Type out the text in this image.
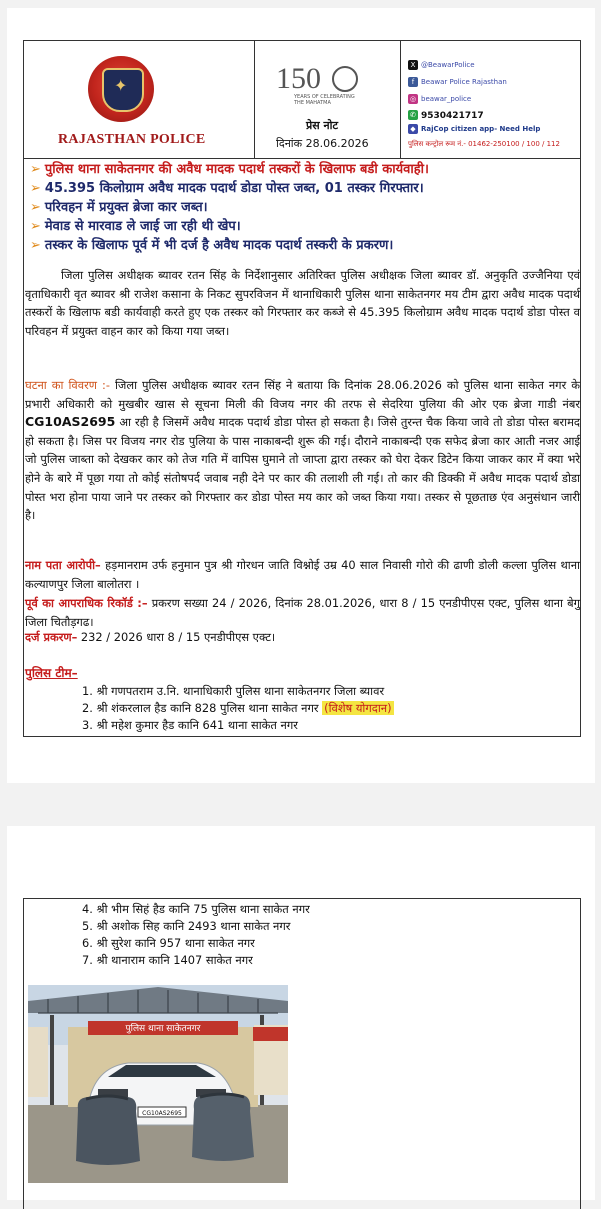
✦
RAJASTHAN POLICE
150
YEARS OF CELEBRATING THE MAHATMA
प्रेस नोट
दिनांक 28.06.2026
X @BeawarPolice
f Beawar Police Rajasthan
◎ beawar_police
✆ 9530421717
◆ RajCop citizen app- Need Help
पुलिस कन्ट्रोल रूम नं.- 01462-250100 / 100 / 112
➢ पुलिस थाना साकेतनगर की अवैध मादक पदार्थ तस्करों के खिलाफ बडी कार्यवाही।
➢ 45.395 किलोग्राम अवैध मादक पदार्थ डोडा पोस्त जब्त, 01 तस्कर गिरफ्तार।
➢ परिवहन में प्रयुक्त ब्रेजा कार जब्त।
➢ मेवाड से मारवाड ले जाई जा रही थी खेप।
➢ तस्कर के खिलाफ पूर्व में भी दर्ज है अवैध मादक पदार्थ तस्करी के प्रकरण।
जिला पुलिस अधीक्षक ब्यावर रतन सिंह के निर्देशानुसार अतिरिक्त पुलिस अधीक्षक जिला ब्यावर डॉ. अनुकृति उज्जैनिया एवं वृताधिकारी वृत ब्यावर श्री राजेश कसाना के निकट सुपरविजन में थानाधिकारी पुलिस थाना साकेतनगर मय टीम द्वारा अवैध मादक पदार्थ तस्करों के खिलाफ बडी कार्यवाही करते हुए एक तस्कर को गिरफ्तार कर कब्जे से 45.395 किलोग्राम अवैध मादक पदार्थ डोडा पोस्त व परिवहन में प्रयुक्त वाहन कार को किया गया जब्त।
घटना का विवरण :- जिला पुलिस अधीक्षक ब्यावर रतन सिंह ने बताया कि दिनांक 28.06.2026 को पुलिस थाना साकेत नगर के प्रभारी अधिकारी को मुखबीर खास से सूचना मिली की विजय नगर की तरफ से सेदरिया पुलिया की ओर एक ब्रेजा गाडी नंबर CG10AS2695 आ रही है जिसमें अवैध मादक पदार्थ डोडा पोस्त हो सकता है। जिसे तुरन्त चैक किया जावे तो डोडा पोस्त बरामद हो सकता है। जिस पर विजय नगर रोड पुलिया के पास नाकाबन्दी शुरू की गई। दौराने नाकाबन्दी एक सफेद ब्रेजा कार आती नजर आई जो पुलिस जाब्ता को देखकर कार को तेज गति में वापिस घुमाने तो जाप्ता द्वारा तस्कर को घेरा देकर डिटेन किया जाकर कार में क्या भरे होने के बारे में पूछा गया तो कोई संतोषपर्द जवाब नही देने पर कार की तलाशी ली गई। तो कार की डिक्की में अवैध मादक पदार्थ डोडा पोस्त भरा होना पाया जाने पर तस्कर को गिरफ्तार कर डोडा पोस्त मय कार को जब्त किया गया। तस्कर से पूछताछ एंव अनुसंधान जारी है।
नाम पता आरोपी– हड़मानराम उर्फ हनुमान पुत्र श्री गोरधन जाति विश्नोई उम्र 40 साल निवासी गोरो की ढाणी डोली कल्ला पुलिस थाना कल्याणपुर जिला बालोतरा ।
पूर्व का आपराधिक रिकॉर्ड :– प्रकरण सख्या 24 / 2026, दिनांक 28.01.2026, धारा 8 / 15 एनडीपीएस एक्ट, पुलिस थाना बेगु जिला चितौड़गढ।
दर्ज प्रकरण– 232 / 2026 धारा 8 / 15 एनडीपीएस एक्ट।
पुलिस टीम–
1. श्री गणपतराम उ.नि. थानाधिकारी पुलिस थाना साकेतनगर जिला ब्यावर
2. श्री शंकरलाल हैड कानि 828 पुलिस थाना साकेत नगर (विशेष योगदान)
3. श्री महेश कुमार हैड कानि 641 थाना साकेत नगर
4. श्री भीम सिहं हैड कानि 75 पुलिस थाना साकेत नगर
5. श्री अशोक सिह कानि 2493 थाना साकेत नगर
6. श्री सुरेश कानि 957 थाना साकेत नगर
7. श्री थानाराम कानि 1407 साकेत नगर
पुलिस थाना साकेतनगर
CG10AS2695
